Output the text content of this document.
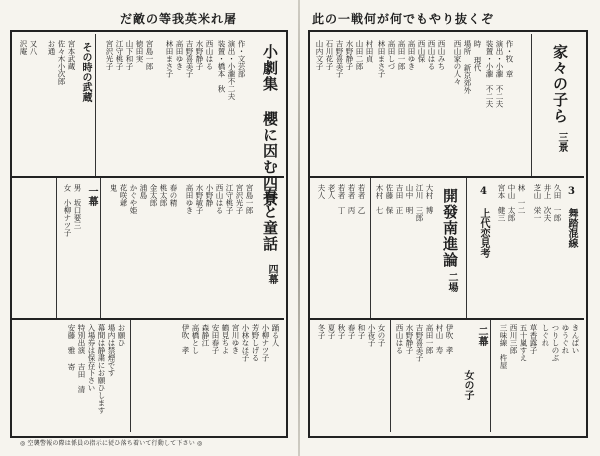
だ敵の等我英米れ屠	此の一戦何が何でもやり抜くぞ
家々の子ら
三景
作・牧　章
演出・小瀧　不二夫
装置・小瀧　不二夫
時 現代
場所 新京郊外
西山家の人々
西山みち
西山はる
西山保
高田ゆき
高田一郎
高田しづ
林田まさ子
村田貞
山田二郎
水野静子
吉野喜美子
石川花子
山内文子
小劇集 櫻に因む四景
作・文芸部
演出・小瀧不二夫
装置・橋本　秋
西山はる
水野静子
吉野喜美子
高田ゆき
林田まさ子
宮島一郎
徳田実
山下和子
江守桃子
宮沢光子
その時の武蔵
宮本武蔵
佐々木小次郎
お通
又八
沢庵
3 舞踏混線
4 上代恋見考	久田　一郎
井上　次夫
芝山　栄一
林　一二
中山　太郎
宮本　健三
開發南進論
二場
大村　博
江川　三郎
山中　明
吉田　正
佐藤　保
木村　七
若者　乙
若者　丙
若者　丁
老人
夫人
春と童話
四幕
宮島一郎
宮沢光子
江守桃子
西山はる
小野静
水野敏子
高田ゆき
春の精
桃太郎
金太郎
浦島
かぐや姫
花咲爺
鬼
一幕
男　坂口要三
女　小柳ナツ子
きんばい
ゆうぐれ
つりしのぶ
しぐれ
草香露子
五十嵐すえ
西川三郎
三味線　杵屋
二幕
女の子
伊吹　孝
村山　寿
高田一郎
吉野喜美子
水野静子
西山はる
女の子
小夜子
和子
春子
秋子
夏子
冬子
踊る人
小柳ナツ子
芳野しげる
小林なほ子
宮川ゆき
鶴見ちよ
安田春子
森静江
高橋とし
伊吹　孝
お願ひ
場内は禁煙です
幕間は静粛にお願ひします
入場券は保存下さい
特別出演 吉田　清
安藤　雅 寄
◎ 空襲警報の際は係員の指示に従ひ落ち着いて行動して下さい ◎
